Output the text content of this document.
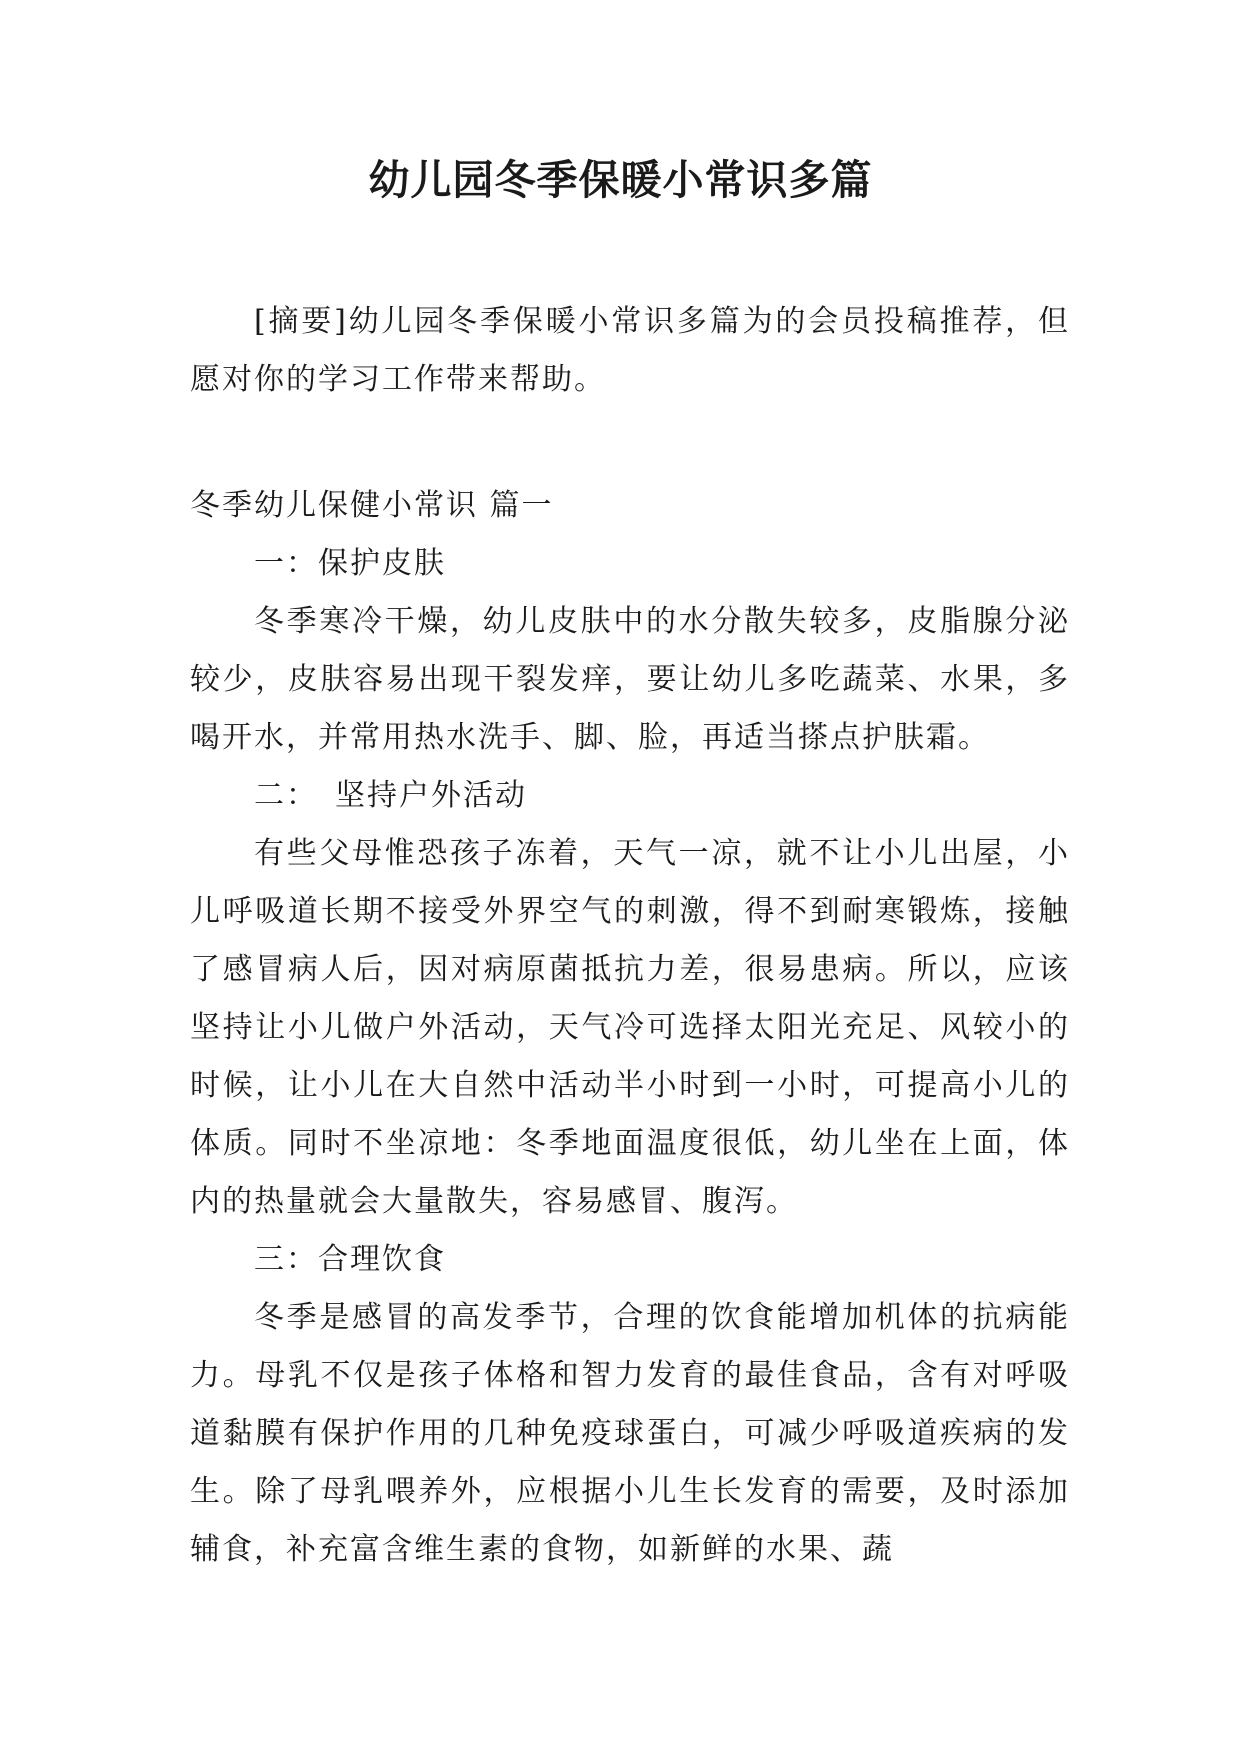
幼儿园冬季保暖小常识多篇

[摘要]幼儿园冬季保暖小常识多篇为的会员投稿推荐，但愿对你的学习工作带来帮助。

冬季幼儿保健小常识 篇一

一：保护皮肤

冬季寒冷干燥，幼儿皮肤中的水分散失较多，皮脂腺分泌较少，皮肤容易出现干裂发痒，要让幼儿多吃蔬菜、水果，多喝开水，并常用热水洗手、脚、脸，再适当搽点护肤霜。

二：　坚持户外活动

有些父母惟恐孩子冻着，天气一凉，就不让小儿出屋，小儿呼吸道长期不接受外界空气的刺激，得不到耐寒锻炼，接触了感冒病人后，因对病原菌抵抗力差，很易患病。所以，应该坚持让小儿做户外活动，天气冷可选择太阳光充足、风较小的时候，让小儿在大自然中活动半小时到一小时，可提高小儿的体质。同时不坐凉地：冬季地面温度很低，幼儿坐在上面，体内的热量就会大量散失，容易感冒、腹泻。

三：合理饮食

冬季是感冒的高发季节，合理的饮食能增加机体的抗病能力。母乳不仅是孩子体格和智力发育的最佳食品，含有对呼吸道黏膜有保护作用的几种免疫球蛋白，可减少呼吸道疾病的发生。除了母乳喂养外，应根据小儿生长发育的需要，及时添加辅食，补充富含维生素的食物，如新鲜的水果、蔬
